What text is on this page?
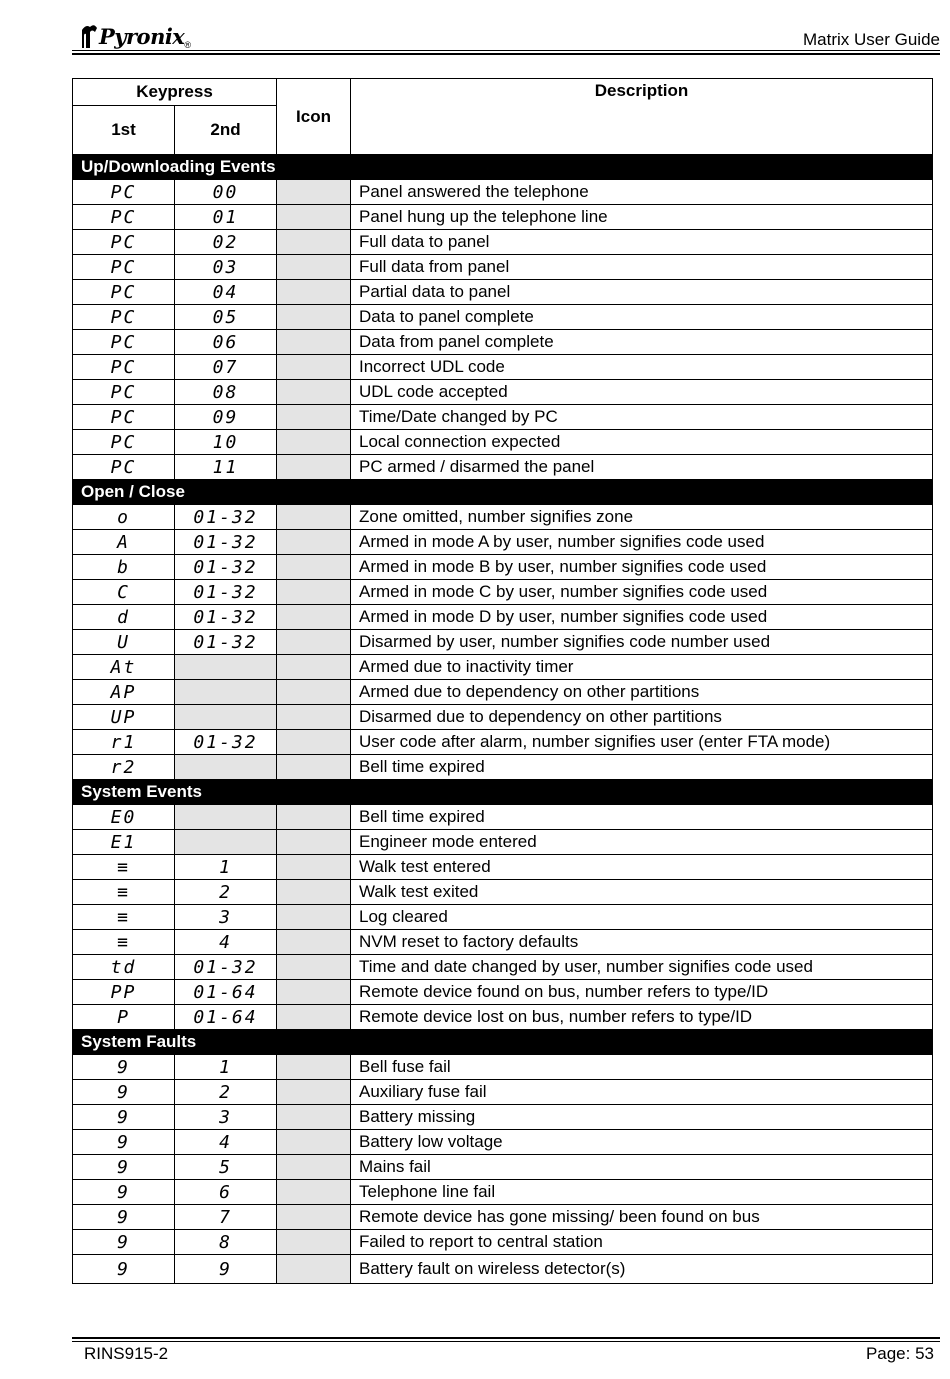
Pyronix ®	Matrix User Guide
Keypress		Icon	Description
1st	2nd		
Up/Downloading Events			
PC	00		Panel answered the telephone
PC	01		Panel hung up the telephone line
PC	02		Full data to panel
PC	03		Full data from panel
PC	04		Partial data to panel
PC	05		Data to panel complete
PC	06		Data from panel complete
PC	07		Incorrect UDL code
PC	08		UDL code accepted
PC	09		Time/Date changed by PC
PC	10		Local connection expected
PC	11		PC armed / disarmed the panel
Open / Close			
o	01-32		Zone omitted, number signifies zone
A	01-32		Armed in mode A by user, number signifies code used
b	01-32		Armed in mode B by user, number signifies code used
C	01-32		Armed in mode C by user, number signifies code used
d	01-32		Armed in mode D by user, number signifies code used
U	01-32		Disarmed by user, number signifies code number used
At			Armed due to inactivity timer
AP			Armed due to dependency on other partitions
UP			Disarmed due to dependency on other partitions
r1	01-32		User code after alarm, number signifies user (enter FTA mode)
r2			Bell time expired
System Events			
E0			Bell time expired
E1			Engineer mode entered
≡	1		Walk test entered
≡	2		Walk test exited
≡	3		Log cleared
≡	4		NVM reset to factory defaults
td	01-32		Time and date changed by user, number signifies code used
PP	01-64		Remote device found on bus, number refers to type/ID
P	01-64		Remote device lost on bus, number refers to type/ID
System Faults			
9	1		Bell fuse fail
9	2		Auxiliary fuse fail
9	3		Battery missing
9	4		Battery low voltage
9	5		Mains fail
9	6		Telephone line fail
9	7		Remote device has gone missing/ been found on bus
9	8		Failed to report to central station
9	9		Battery fault on wireless detector(s)
RINS915-2	Page: 53
